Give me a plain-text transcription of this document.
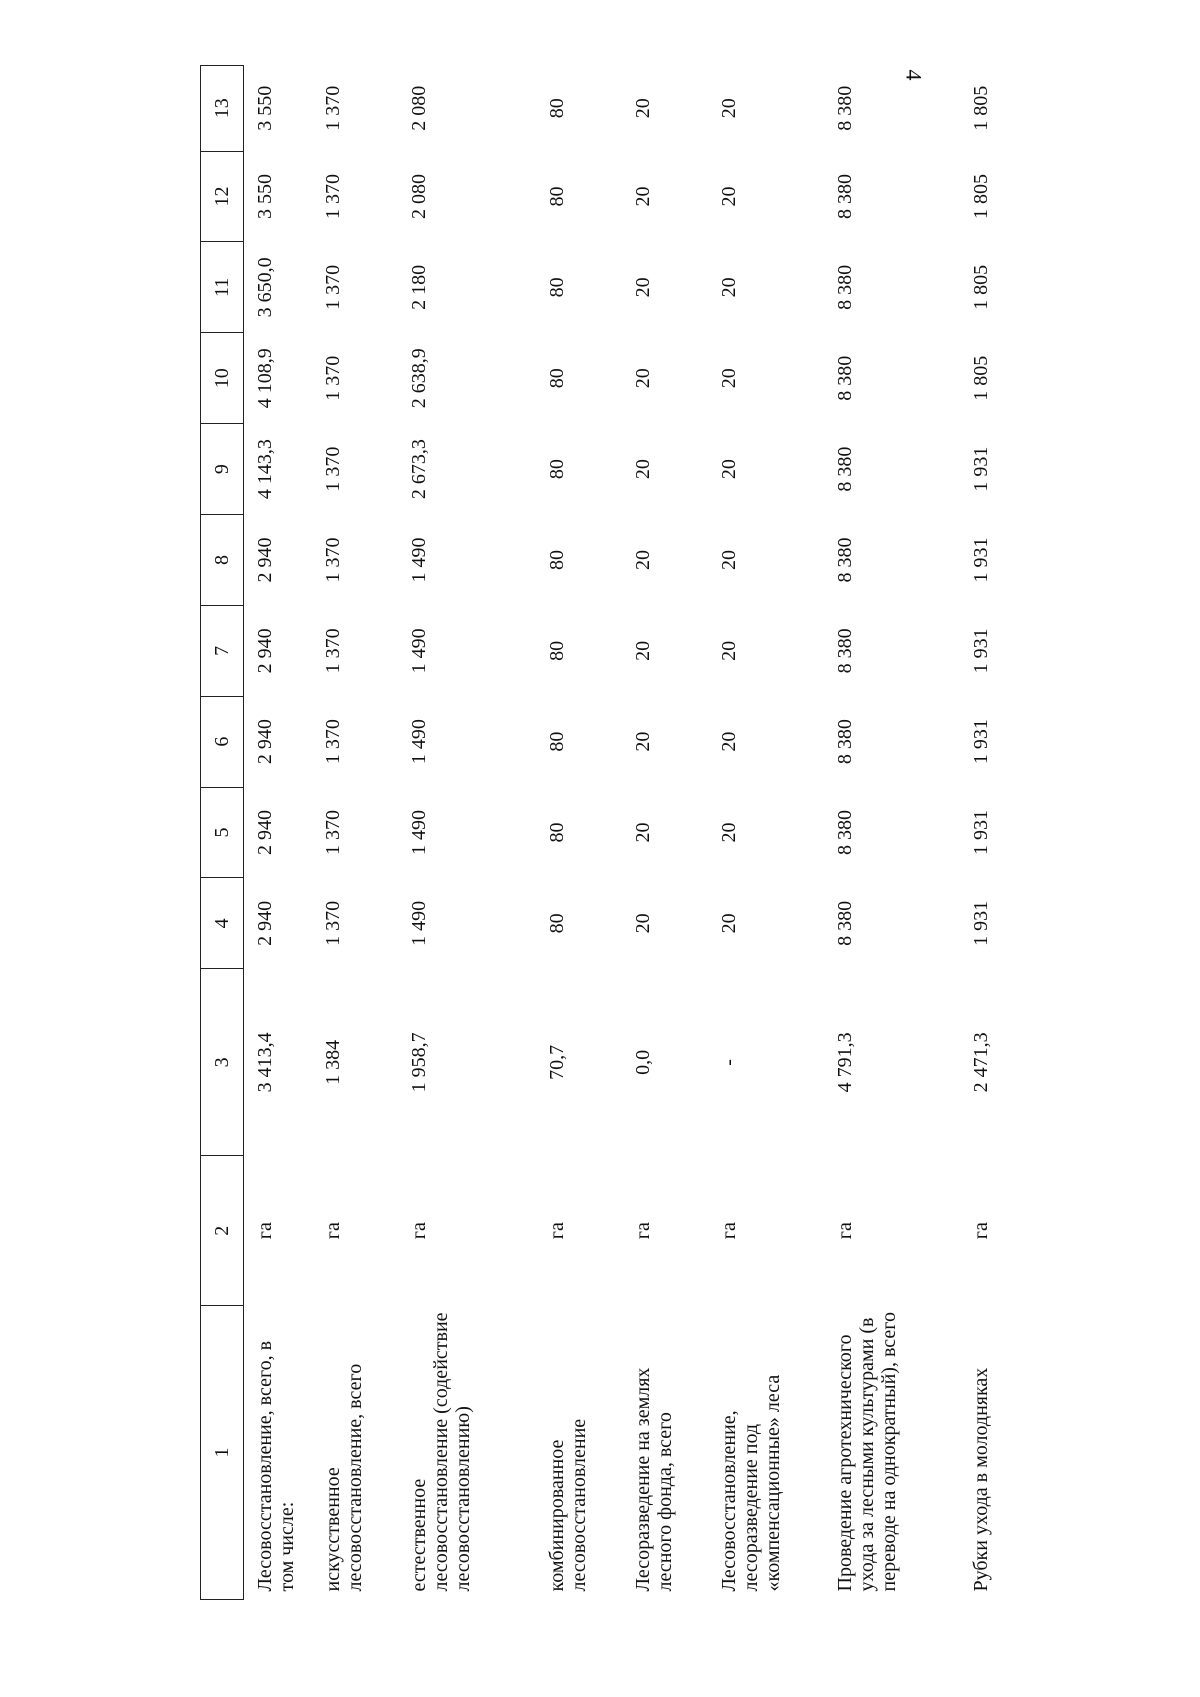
4
1	2	3	4	5	6	7	8	9	10	11	12	13
Лесовосстановление, всего, в том числе:	га	3 413,4	2 940	2 940	2 940	2 940	2 940	4 143,3	4 108,9	3 650,0	3 550	3 550
искусственное лесовосстановление, всего	га	1 384	1 370	1 370	1 370	1 370	1 370	1 370	1 370	1 370	1 370	1 370
естественное лесовосстановление (содействие лесовосстановлению)	га	1 958,7	1 490	1 490	1 490	1 490	1 490	2 673,3	2 638,9	2 180	2 080	2 080
комбинированное лесовосстановление	га	70,7	80	80	80	80	80	80	80	80	80	80
Лесоразведение на землях лесного фонда, всего	га	0,0	20	20	20	20	20	20	20	20	20	20
Лесовосстановление, лесоразведение под «компенсационные» леса	га	-	20	20	20	20	20	20	20	20	20	20
Проведение агротехнического ухода за лесными культурами (в переводе на однократный), всего	га	4 791,3	8 380	8 380	8 380	8 380	8 380	8 380	8 380	8 380	8 380	8 380
Рубки ухода в молодняках	га	2 471,3	1 931	1 931	1 931	1 931	1 931	1 931	1 805	1 805	1 805	1 805
